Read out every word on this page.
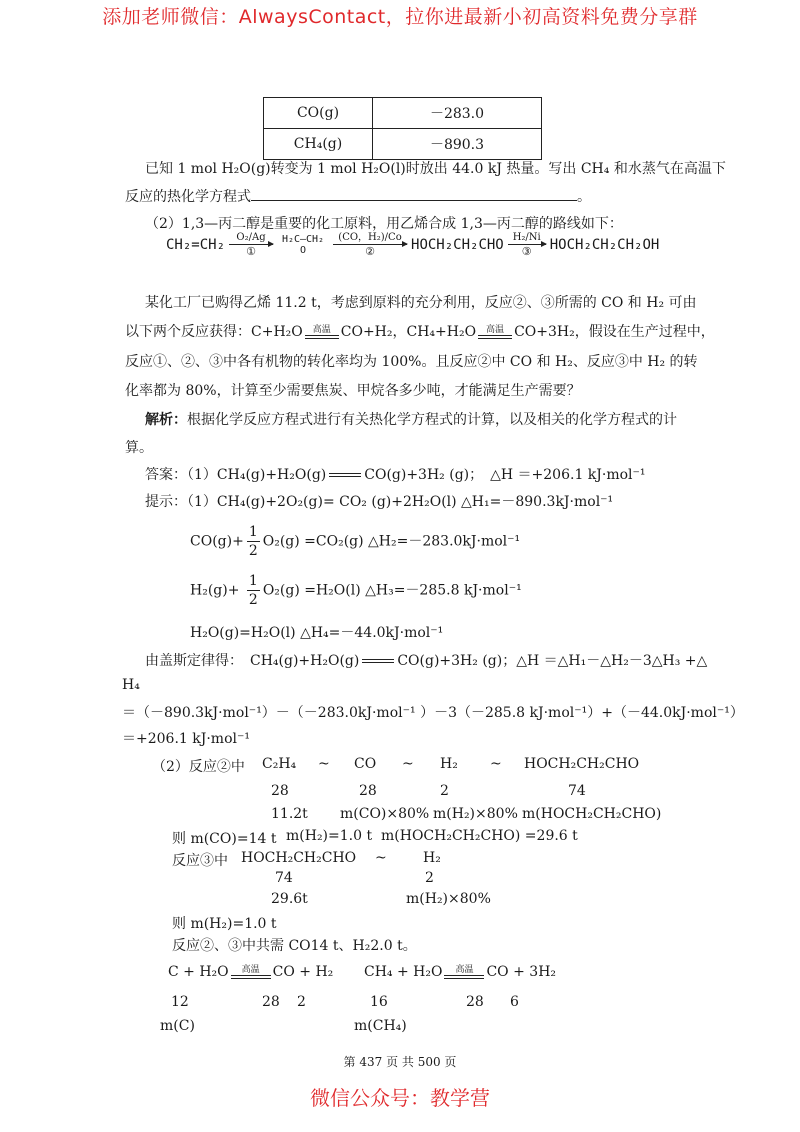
添加老师微信：AlwaysContact，拉你进最新小初高资料免费分享群
CO(g)	－283.0
CH₄(g)	－890.3
已知 1 mol H₂O(g)转变为 1 mol H₂O(l)时放出 44.0 kJ 热量。写出 CH₄ 和水蒸气在高温下
反应的热化学方程式	。
（2）1,3—丙二醇是重要的化工原料，用乙烯合成 1,3—丙二醇的路线如下：
CH₂=CH₂	O₂/Ag
①
H₂C—CH₂
O
(CO，H₂)/Co
②	HOCH₂CH₂CHO H₂/Ni
③	HOCH₂CH₂CH₂OH
某化工厂已购得乙烯 11.2 t，考虑到原料的充分利用，反应②、③所需的 CO 和 H₂ 可由
以下两个反应获得：C+H₂O	高温 CO+H₂，CH₄+H₂O	高温 CO+3H₂，假设在生产过程中，
反应①、②、③中各有机物的转化率均为 100%。且反应②中 CO 和 H₂、反应③中 H₂ 的转
化率都为 80%，计算至少需要焦炭、甲烷各多少吨，才能满足生产需要？
解析：根据化学反应方程式进行有关热化学方程式的计算，以及相关的化学方程式的计
算。
答案：（1）CH₄(g)+H₂O(g)	CO(g)+3H₂ (g)；　△H ＝+206.1 kJ·mol⁻¹
提示：（1）CH₄(g)+2O₂(g)= CO₂ (g)+2H₂O(l) △H₁=－890.3kJ·mol⁻¹
$CO(g)+ \frac{1}{2} O_2(g) =CO_2(g)$ △H₂=－283.0kJ·mol⁻¹
$H_2(g)+ \frac{1}{2} O_2(g) =H_2O(l)$ △H₃=－285.8 kJ·mol⁻¹
H₂O(g)=H₂O(l) △H₄=－44.0kJ·mol⁻¹
由盖斯定律得：　CH₄(g)+H₂O(g)	CO(g)+3H₂ (g)；△H ＝△H₁－△H₂－3△H₃ +△
H₄
＝（－890.3kJ·mol⁻¹）－（－283.0kJ·mol⁻¹ ）－3（－285.8 kJ·mol⁻¹）+（－44.0kJ·mol⁻¹）
＝+206.1 kJ·mol⁻¹
（2）反应②中 C₂H₄ ~ CO ~ H₂ ~ HOCH₂CH₂CHO
28	28	2	74
11.2t m(CO)×80% m(H₂)×80% m(HOCH₂CH₂CHO)
则 m(CO)=14 t m(H₂)=1.0 t m(HOCH₂CH₂CHO) =29.6 t
反应③中 HOCH₂CH₂CHO ~	H₂
74	2
29.6t	m(H₂)×80%
则 m(H₂)=1.0 t
反应②、③中共需 CO14 t、H₂2.0 t。
C + H₂O	高温 CO + H₂ CH₄ + H₂O	高温 CO + 3H₂
12	28 2	16	28 6
m(C)	m(CH₄)
第 437 页 共 500 页
微信公众号：教学营
